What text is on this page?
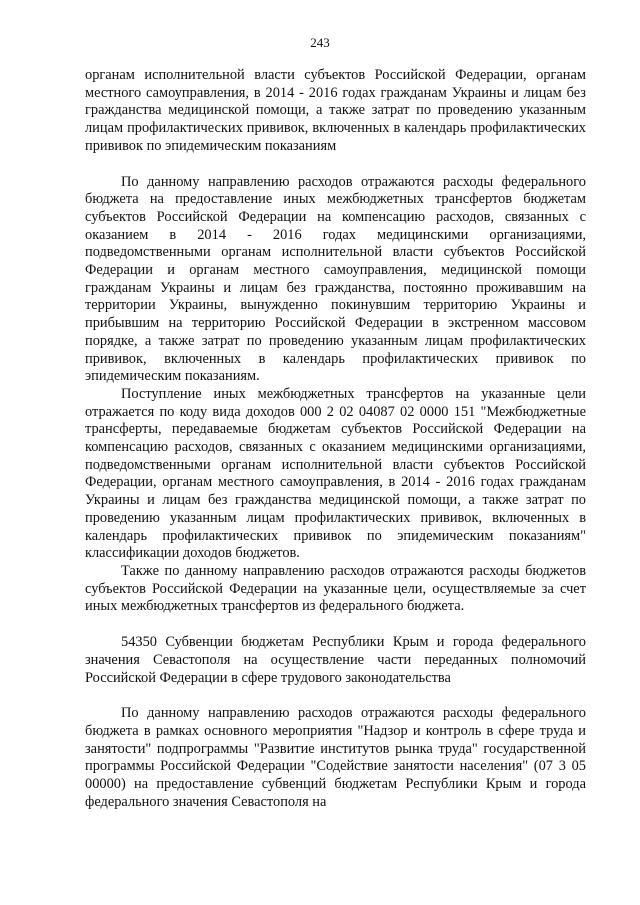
243

органам исполнительной власти субъектов Российской Федерации, органам местного самоуправления, в 2014 - 2016 годах гражданам Украины и лицам без гражданства медицинской помощи, а также затрат по проведению указанным лицам профилактических прививок, включенных в календарь профилактических прививок по эпидемическим показаниям

По данному направлению расходов отражаются расходы федерального бюджета на предоставление иных межбюджетных трансфертов бюджетам субъектов Российской Федерации на компенсацию расходов, связанных с оказанием в 2014 - 2016 годах медицинскими организациями, подведомственными органам исполнительной власти субъектов Российской Федерации и органам местного самоуправления, медицинской помощи гражданам Украины и лицам без гражданства, постоянно проживавшим на территории Украины, вынужденно покинувшим территорию Украины и прибывшим на территорию Российской Федерации в экстренном массовом порядке, а также затрат по проведению указанным лицам профилактических прививок, включенных в календарь профилактических прививок по эпидемическим показаниям.

Поступление иных межбюджетных трансфертов на указанные цели отражается по коду вида доходов 000 2 02 04087 02 0000 151 "Межбюджетные трансферты, передаваемые бюджетам субъектов Российской Федерации на компенсацию расходов, связанных с оказанием медицинскими организациями, подведомственными органам исполнительной власти субъектов Российской Федерации, органам местного самоуправления, в 2014 - 2016 годах гражданам Украины и лицам без гражданства медицинской помощи, а также затрат по проведению указанным лицам профилактических прививок, включенных в календарь профилактических прививок по эпидемическим показаниям" классификации доходов бюджетов.

Также по данному направлению расходов отражаются расходы бюджетов субъектов Российской Федерации на указанные цели, осуществляемые за счет иных межбюджетных трансфертов из федерального бюджета.

54350 Субвенции бюджетам Республики Крым и города федерального значения Севастополя на осуществление части переданных полномочий Российской Федерации в сфере трудового законодательства

По данному направлению расходов отражаются расходы федерального бюджета в рамках основного мероприятия "Надзор и контроль в сфере труда и занятости" подпрограммы "Развитие институтов рынка труда" государственной программы Российской Федерации "Содействие занятости населения" (07 3 05 00000) на предоставление субвенций бюджетам Республики Крым и города федерального значения Севастополя на
